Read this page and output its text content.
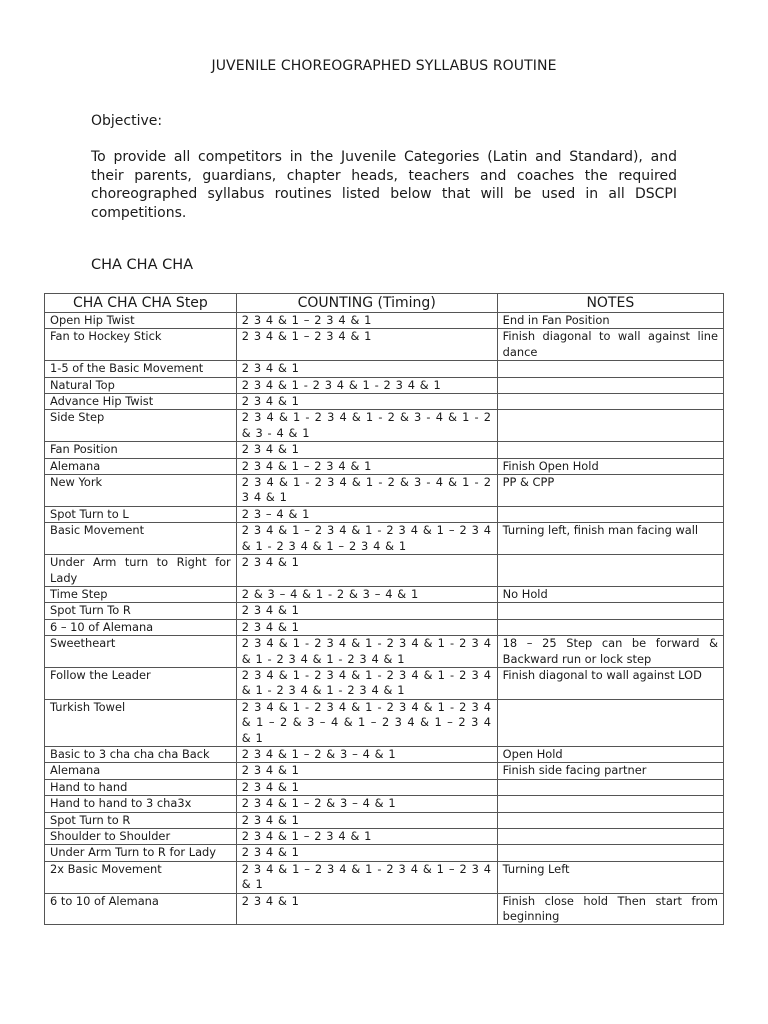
JUVENILE CHOREOGRAPHED SYLLABUS ROUTINE
Objective:
To provide all competitors in the Juvenile Categories (Latin and Standard), and their parents, guardians, chapter heads, teachers and coaches the required choreographed syllabus routines listed below that will be used in all DSCPI competitions.
CHA CHA CHA
CHA CHA CHA Step	COUNTING (Timing)	NOTES
Open Hip Twist	2 3 4 & 1 – 2 3 4 & 1	End in Fan Position
Fan to Hockey Stick	2 3 4 & 1 – 2 3 4 & 1	Finish diagonal to wall against line dance
1-5 of the Basic Movement	2 3 4 & 1	
Natural Top	2 3 4 & 1 - 2 3 4 & 1 - 2 3 4 & 1	
Advance Hip Twist	2 3 4 & 1	
Side Step	2 3 4 & 1 - 2 3 4 & 1 - 2 & 3 - 4 & 1 - 2 & 3 - 4 & 1	
Fan Position	2 3 4 & 1	
Alemana	2 3 4 & 1 – 2 3 4 & 1	Finish Open Hold
New York	2 3 4 & 1 - 2 3 4 & 1 - 2 & 3 - 4 & 1 - 2 3 4 & 1	PP & CPP
Spot Turn to L	2 3 – 4 & 1	
Basic Movement	2 3 4 & 1 – 2 3 4 & 1 - 2 3 4 & 1 – 2 3 4 & 1 - 2 3 4 & 1 – 2 3 4 & 1	Turning left, finish man facing wall
Under Arm turn to Right for Lady	2 3 4 & 1	
Time Step	2 & 3 – 4 & 1 - 2 & 3 – 4 & 1	No Hold
Spot Turn To R	2 3 4 & 1	
6 – 10 of Alemana	2 3 4 & 1	
Sweetheart	2 3 4 & 1 - 2 3 4 & 1 - 2 3 4 & 1 - 2 3 4 & 1 - 2 3 4 & 1 - 2 3 4 & 1	18 – 25 Step can be forward & Backward run or lock step
Follow the Leader	2 3 4 & 1 - 2 3 4 & 1 - 2 3 4 & 1 - 2 3 4 & 1 - 2 3 4 & 1 - 2 3 4 & 1	Finish diagonal to wall against LOD
Turkish Towel	2 3 4 & 1 - 2 3 4 & 1 - 2 3 4 & 1 - 2 3 4 & 1 – 2 & 3 – 4 & 1 – 2 3 4 & 1 – 2 3 4 & 1	
Basic to 3 cha cha cha Back	2 3 4 & 1 – 2 & 3 – 4 & 1	Open Hold
Alemana	2 3 4 & 1	Finish side facing partner
Hand to hand	2 3 4 & 1	
Hand to hand to 3 cha3x	2 3 4 & 1 – 2 & 3 – 4 & 1	
Spot Turn to R	2 3 4 & 1	
Shoulder to Shoulder	2 3 4 & 1 – 2 3 4 & 1	
Under Arm Turn to R for Lady	2 3 4 & 1	
2x Basic Movement	2 3 4 & 1 – 2 3 4 & 1 - 2 3 4 & 1 – 2 3 4 & 1	Turning Left
6 to 10 of Alemana	2 3 4 & 1	Finish close hold Then start from beginning
